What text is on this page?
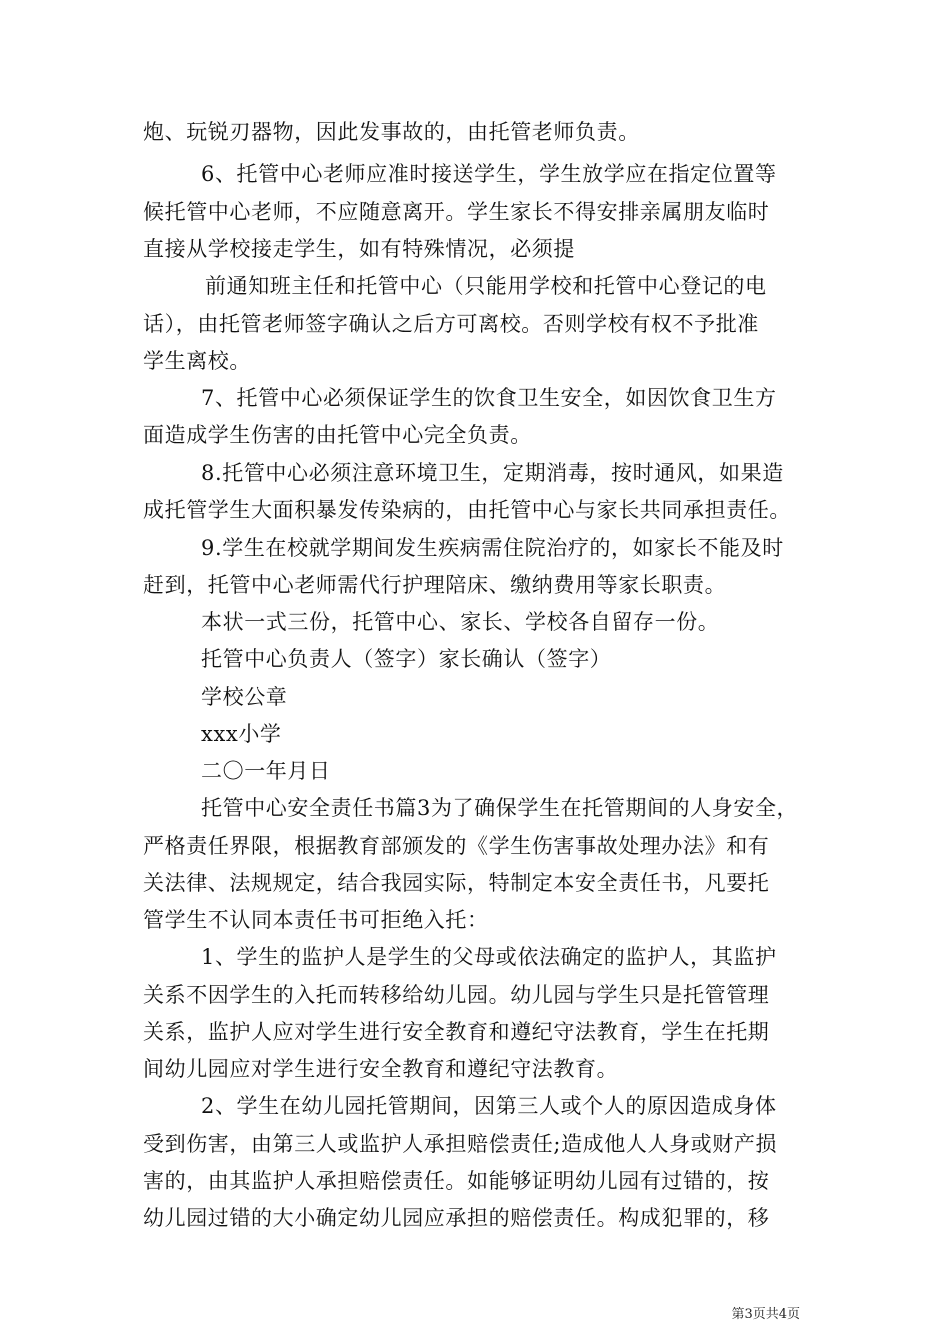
炮、玩锐刃器物，因此发事故的，由托管老师负责。
6、托管中心老师应准时接送学生，学生放学应在指定位置等
候托管中心老师，不应随意离开。学生家长不得安排亲属朋友临时
直接从学校接走学生，如有特殊情况，必须提
前通知班主任和托管中心（只能用学校和托管中心登记的电
话），由托管老师签字确认之后方可离校。否则学校有权不予批准
学生离校。
7、托管中心必须保证学生的饮食卫生安全，如因饮食卫生方
面造成学生伤害的由托管中心完全负责。
8.托管中心必须注意环境卫生，定期消毒，按时通风，如果造
成托管学生大面积暴发传染病的，由托管中心与家长共同承担责任。
9.学生在校就学期间发生疾病需住院治疗的，如家长不能及时
赶到，托管中心老师需代行护理陪床、缴纳费用等家长职责。
本状一式三份，托管中心、家长、学校各自留存一份。
托管中心负责人（签字）家长确认（签字）
学校公章
xxx小学
二〇一年月日
托管中心安全责任书篇3为了确保学生在托管期间的人身安全，
严格责任界限，根据教育部颁发的《学生伤害事故处理办法》和有
关法律、法规规定，结合我园实际，特制定本安全责任书，凡要托
管学生不认同本责任书可拒绝入托：
1、学生的监护人是学生的父母或依法确定的监护人，其监护
关系不因学生的入托而转移给幼儿园。幼儿园与学生只是托管管理
关系，监护人应对学生进行安全教育和遵纪守法教育，学生在托期
间幼儿园应对学生进行安全教育和遵纪守法教育。
2、学生在幼儿园托管期间，因第三人或个人的原因造成身体
受到伤害，由第三人或监护人承担赔偿责任;造成他人人身或财产损
害的，由其监护人承担赔偿责任。如能够证明幼儿园有过错的，按
幼儿园过错的大小确定幼儿园应承担的赔偿责任。构成犯罪的，移
第3页共4页
